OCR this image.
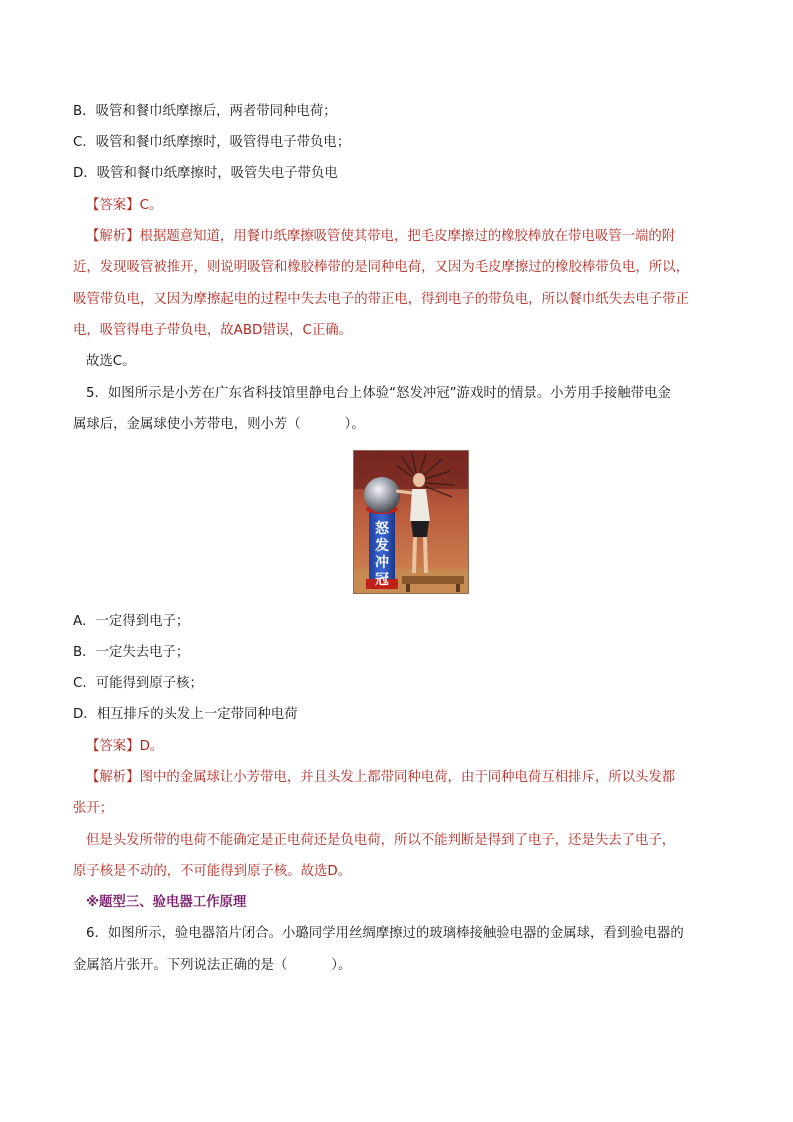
B．吸管和餐巾纸摩擦后，两者带同种电荷；
C．吸管和餐巾纸摩擦时，吸管得电子带负电；
D．吸管和餐巾纸摩擦时，吸管失电子带负电
【答案】C。
【解析】根据题意知道，用餐巾纸摩擦吸管使其带电，把毛皮摩擦过的橡胶棒放在带电吸管一端的附
近，发现吸管被推开，则说明吸管和橡胶棒带的是同种电荷，又因为毛皮摩擦过的橡胶棒带负电，所以，
吸管带负电，又因为摩擦起电的过程中失去电子的带正电，得到电子的带负电，所以餐巾纸失去电子带正
电，吸管得电子带负电，故ABD错误，C正确。
故选C。
5．如图所示是小芳在广东省科技馆里静电台上体验“怒发冲冠”游戏时的情景。小芳用手接触带电金
属球后，金属球使小芳带电，则小芳（	）。
怒发冲冠
A．一定得到电子；
B．一定失去电子；
C．可能得到原子核；
D．相互排斥的头发上一定带同种电荷
【答案】D。
【解析】图中的金属球让小芳带电，并且头发上都带同种电荷，由于同种电荷互相排斥，所以头发都
张开；
但是头发所带的电荷不能确定是正电荷还是负电荷，所以不能判断是得到了电子，还是失去了电子，
原子核是不动的，不可能得到原子核。故选D。
※题型三、验电器工作原理
6．如图所示，验电器箔片闭合。小璐同学用丝绸摩擦过的玻璃棒接触验电器的金属球，看到验电器的
金属箔片张开。下列说法正确的是（	）。
